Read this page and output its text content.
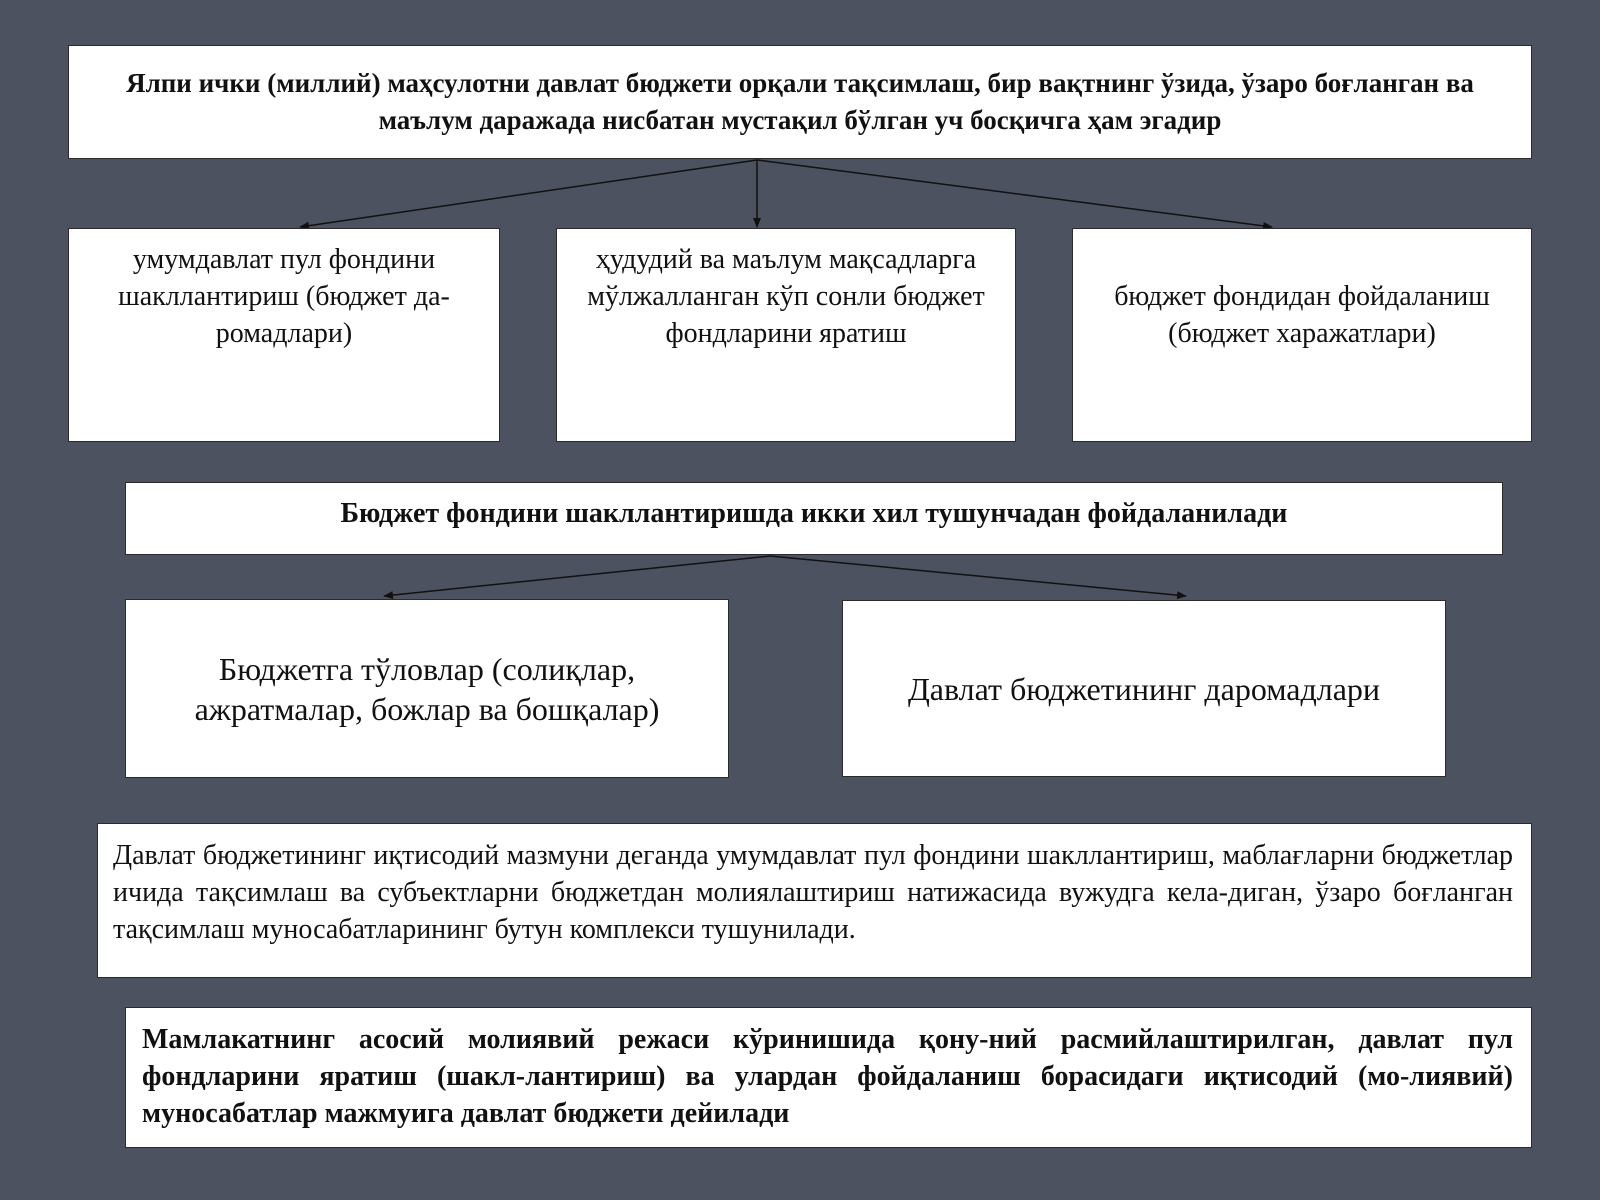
Ялпи ички (миллий) маҳсулотни давлат бюджети орқали тақсимлаш, бир вақтнинг ўзида, ўзаро боғланган ва маълум даражада нисбатан мустақил бўлган уч босқичга ҳам эгадир
умумдавлат пул фондини шакллантириш (бюджет да-ромадлари)
ҳудудий ва маълум мақсадларга мўлжалланган кўп сонли бюджет фондларини яратиш
бюджет фондидан фойдаланиш (бюджет харажатлари)
Бюджет фондини шакллантиришда икки хил тушунчадан фойдаланилади
Бюджетга тўловлар (солиқлар, ажратмалар, божлар ва бошқалар)
Давлат бюджетининг даромадлари
Давлат бюджетининг иқтисодий мазмуни деганда умумдавлат пул фондини шакллантириш, маблағларни бюджетлар ичида тақсимлаш ва субъектларни бюджетдан молиялаштириш натижасида вужудга кела-диган, ўзаро боғланган тақсимлаш муносабатларининг бутун комплекси тушунилади.
Мамлакатнинг асосий молиявий режаси кўринишида қону-ний расмийлаштирилган, давлат пул фондларини яратиш (шакл-лантириш) ва улардан фойдаланиш борасидаги иқтисодий (мо-лиявий) муносабатлар мажмуига давлат бюджети дейилади
